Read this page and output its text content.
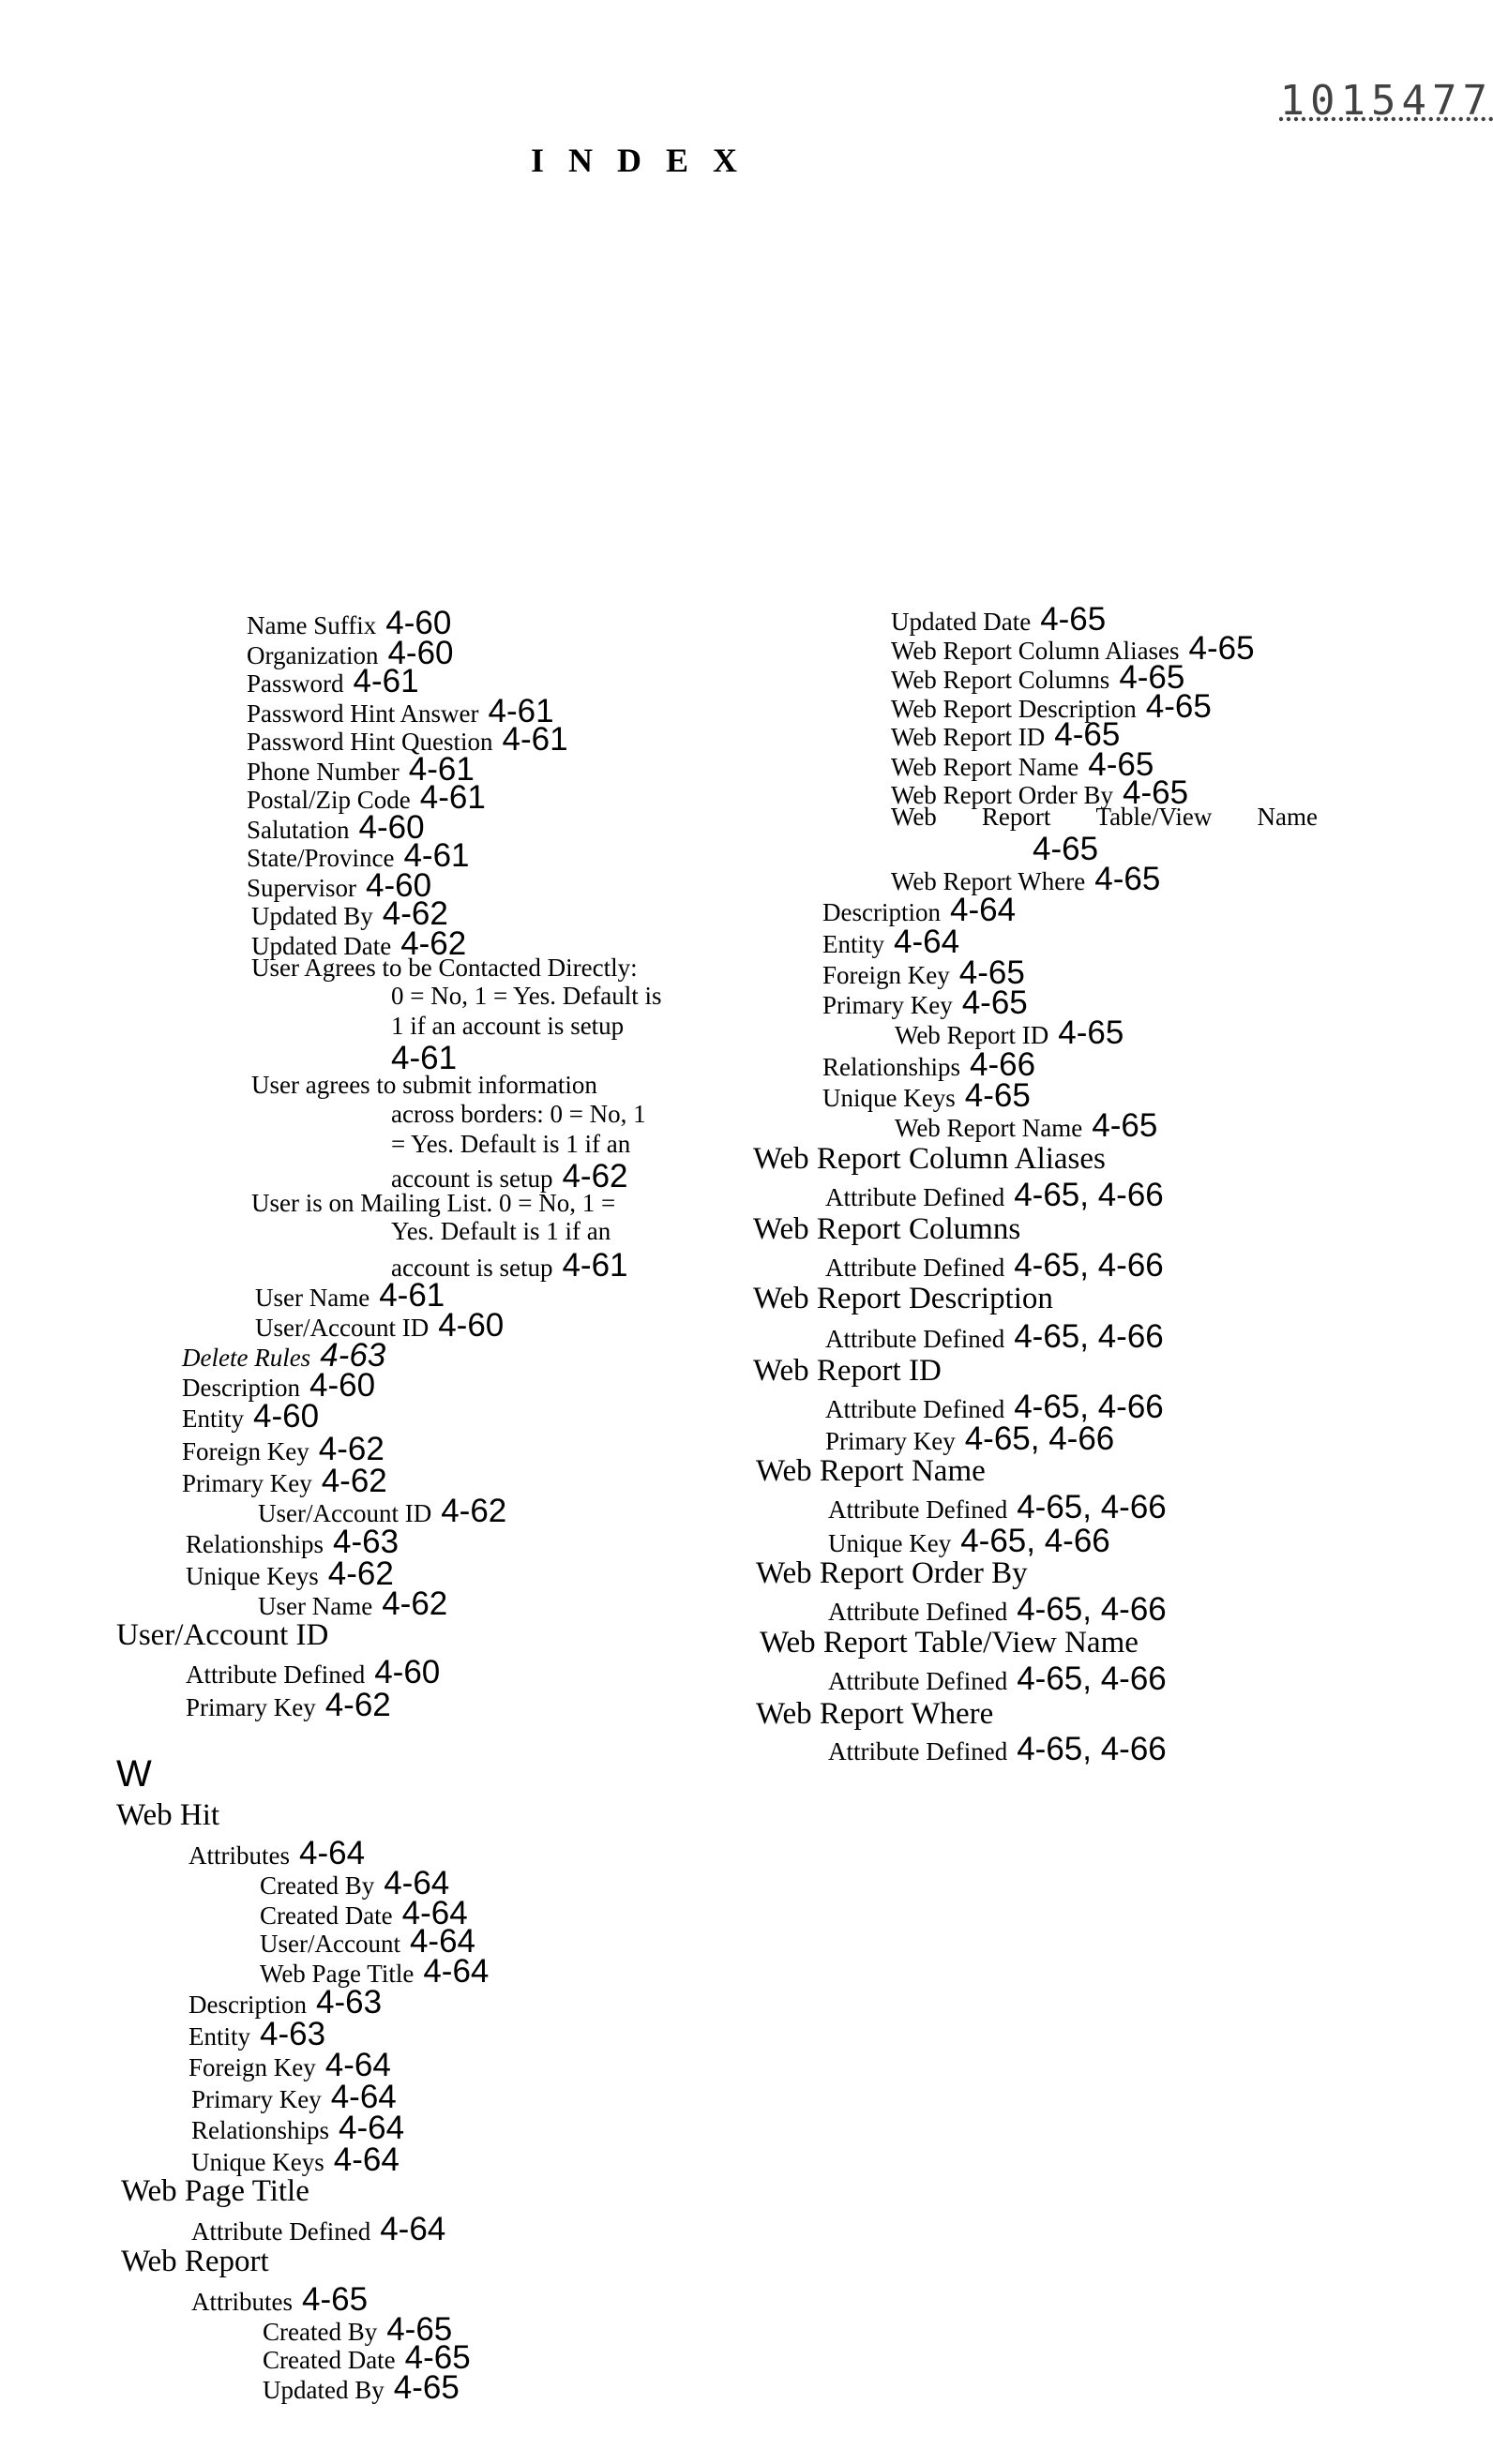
INDEX
1015477
Name Suffix 4-60
Organization 4-60
Password 4-61
Password Hint Answer 4-61
Password Hint Question 4-61
Phone Number 4-61
Postal/Zip Code 4-61
Salutation 4-60
State/Province 4-61
Supervisor 4-60
Updated By 4-62
Updated Date 4-62
User Agrees to be Contacted Directly:
0 = No, 1 = Yes. Default is
1 if an account is setup
4-61
User agrees to submit information
across borders: 0 = No, 1
= Yes. Default is 1 if an
account is setup 4-62
User is on Mailing List. 0 = No, 1 =
Yes. Default is 1 if an
account is setup 4-61
User Name 4-61
User/Account ID 4-60
Delete Rules 4-63
Description 4-60
Entity 4-60
Foreign Key 4-62
Primary Key 4-62
User/Account ID 4-62
Relationships 4-63
Unique Keys 4-62
User Name 4-62
User/Account ID
Attribute Defined 4-60
Primary Key 4-62
W
Web Hit
Attributes 4-64
Created By 4-64
Created Date 4-64
User/Account 4-64
Web Page Title 4-64
Description 4-63
Entity 4-63
Foreign Key 4-64
Primary Key 4-64
Relationships 4-64
Unique Keys 4-64
Web Page Title
Attribute Defined 4-64
Web Report
Attributes 4-65
Created By 4-65
Created Date 4-65
Updated By 4-65
Updated Date 4-65
Web Report Column Aliases 4-65
Web Report Columns 4-65
Web Report Description 4-65
Web Report ID 4-65
Web Report Name 4-65
Web Report Order By 4-65
Web Report Table/View Name
4-65
Web Report Where 4-65
Description 4-64
Entity 4-64
Foreign Key 4-65
Primary Key 4-65
Web Report ID 4-65
Relationships 4-66
Unique Keys 4-65
Web Report Name 4-65
Web Report Column Aliases
Attribute Defined 4-65, 4-66
Web Report Columns
Attribute Defined 4-65, 4-66
Web Report Description
Attribute Defined 4-65, 4-66
Web Report ID
Attribute Defined 4-65, 4-66
Primary Key 4-65, 4-66
Web Report Name
Attribute Defined 4-65, 4-66
Unique Key 4-65, 4-66
Web Report Order By
Attribute Defined 4-65, 4-66
Web Report Table/View Name
Attribute Defined 4-65, 4-66
Web Report Where
Attribute Defined 4-65, 4-66
